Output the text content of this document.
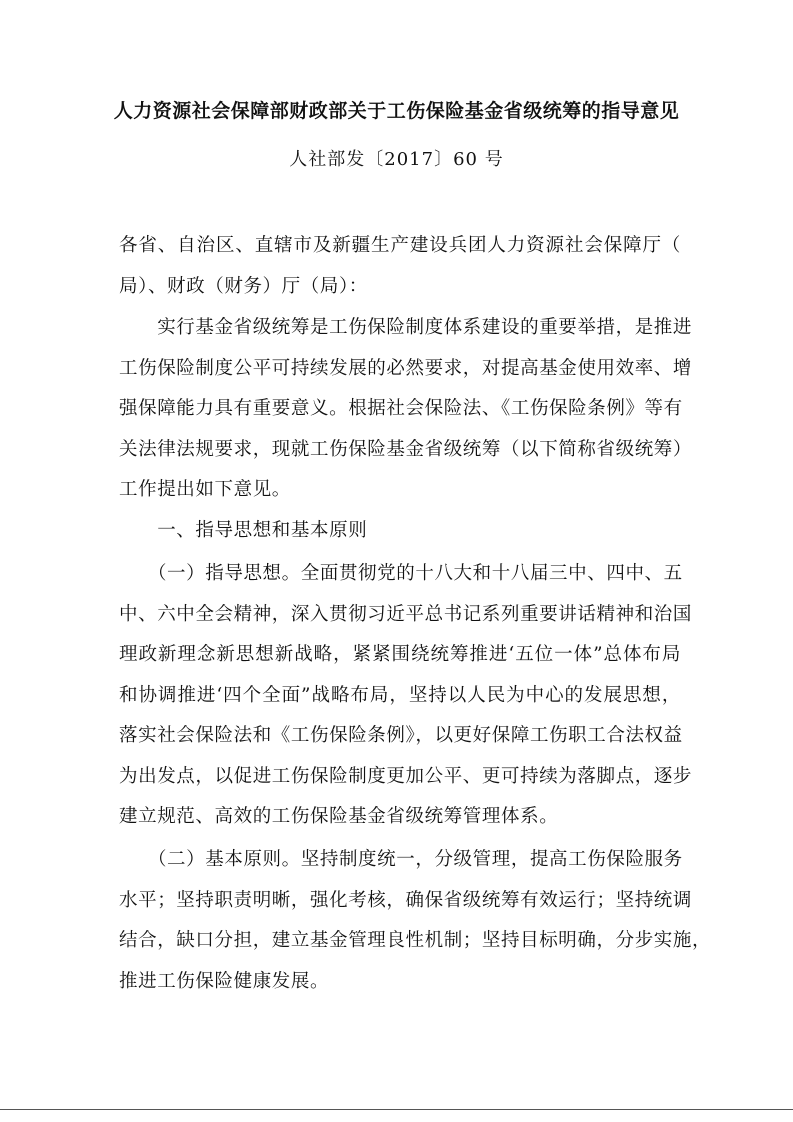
人力资源社会保障部财政部关于工伤保险基金省级统筹的指导意见
人社部发〔2017〕60 号
各省、自治区、直辖市及新疆生产建设兵团人力资源社会保障厅（
局）、财政（财务）厅（局）：
　　实行基金省级统筹是工伤保险制度体系建设的重要举措，是推进
工伤保险制度公平可持续发展的必然要求，对提高基金使用效率、增
强保障能力具有重要意义。根据社会保险法、《工伤保险条例》等有
关法律法规要求，现就工伤保险基金省级统筹（以下简称省级统筹）
工作提出如下意见。
　　一、指导思想和基本原则
　　（一）指导思想。全面贯彻党的十八大和十八届三中、四中、五
中、六中全会精神，深入贯彻习近平总书记系列重要讲话精神和治国
理政新理念新思想新战略，紧紧围绕统筹推进‘五位一体”总体布局
和协调推进‘四个全面”战略布局，坚持以人民为中心的发展思想，
落实社会保险法和《工伤保险条例》，以更好保障工伤职工合法权益
为出发点，以促进工伤保险制度更加公平、更可持续为落脚点，逐步
建立规范、高效的工伤保险基金省级统筹管理体系。
　　（二）基本原则。坚持制度统一，分级管理，提高工伤保险服务
水平；坚持职责明晰，强化考核，确保省级统筹有效运行；坚持统调
结合，缺口分担，建立基金管理良性机制；坚持目标明确，分步实施，
推进工伤保险健康发展。
